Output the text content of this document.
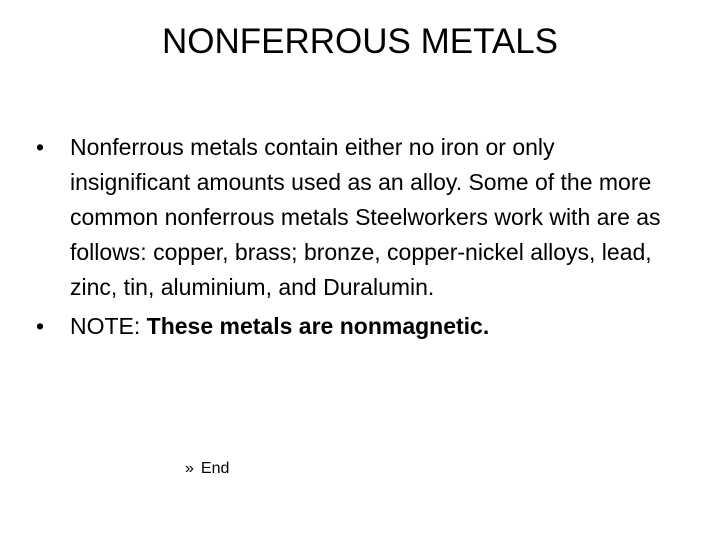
NONFERROUS METALS
•	Nonferrous metals contain either no iron or only insignificant amounts used as an alloy. Some of the more common nonferrous metals Steelworkers work with are as follows: copper, brass; bronze, copper-nickel alloys, lead, zinc, tin, aluminium, and Duralumin.
•	NOTE: These metals are nonmagnetic.
» End
